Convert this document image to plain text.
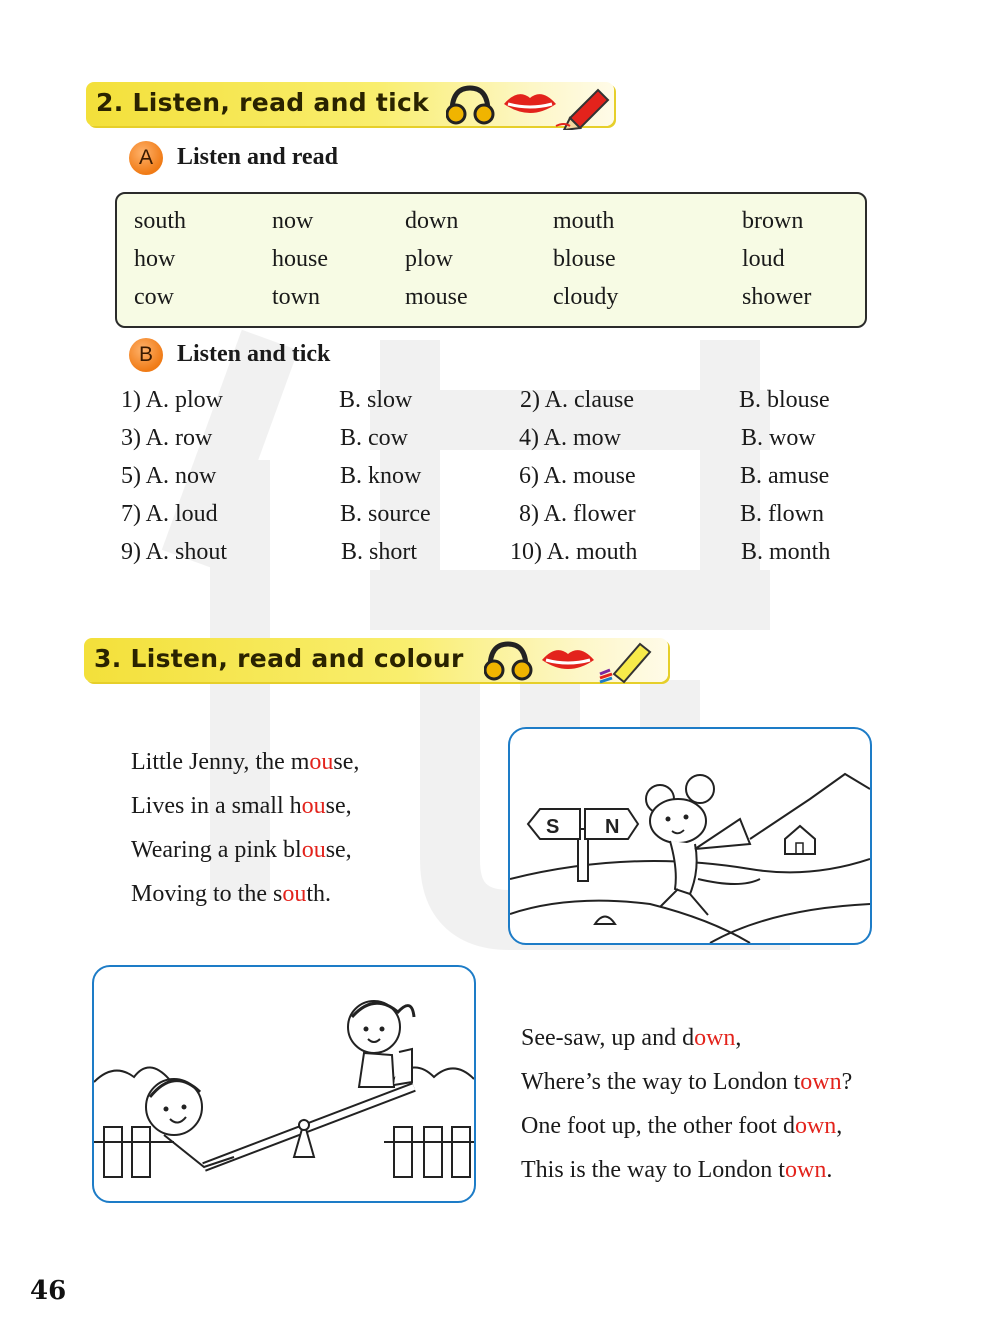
2. Listen, read and tick
A	Listen and read
south	now	down	mouth	brown
how	house	plow	blouse	loud
cow	town	mouse	cloudy	shower
B	Listen and tick
1) A. plow	B. slow	2) A. clause	B. blouse
3) A. row	B. cow	4) A. mow	B. wow
5) A. now	B. know	6) A. mouse	B. amuse
7) A. loud	B. source	8) A. flower	B. flown
9) A. shout	B. short	10) A. mouth	B. month
3. Listen, read and colour
Little Jenny, the mouse,
Lives in a small house,
Wearing a pink blouse,
Moving to the south.
S N
See-saw, up and down,
Where’s the way to London town?
One foot up, the other foot down,
This is the way to London town.
46
